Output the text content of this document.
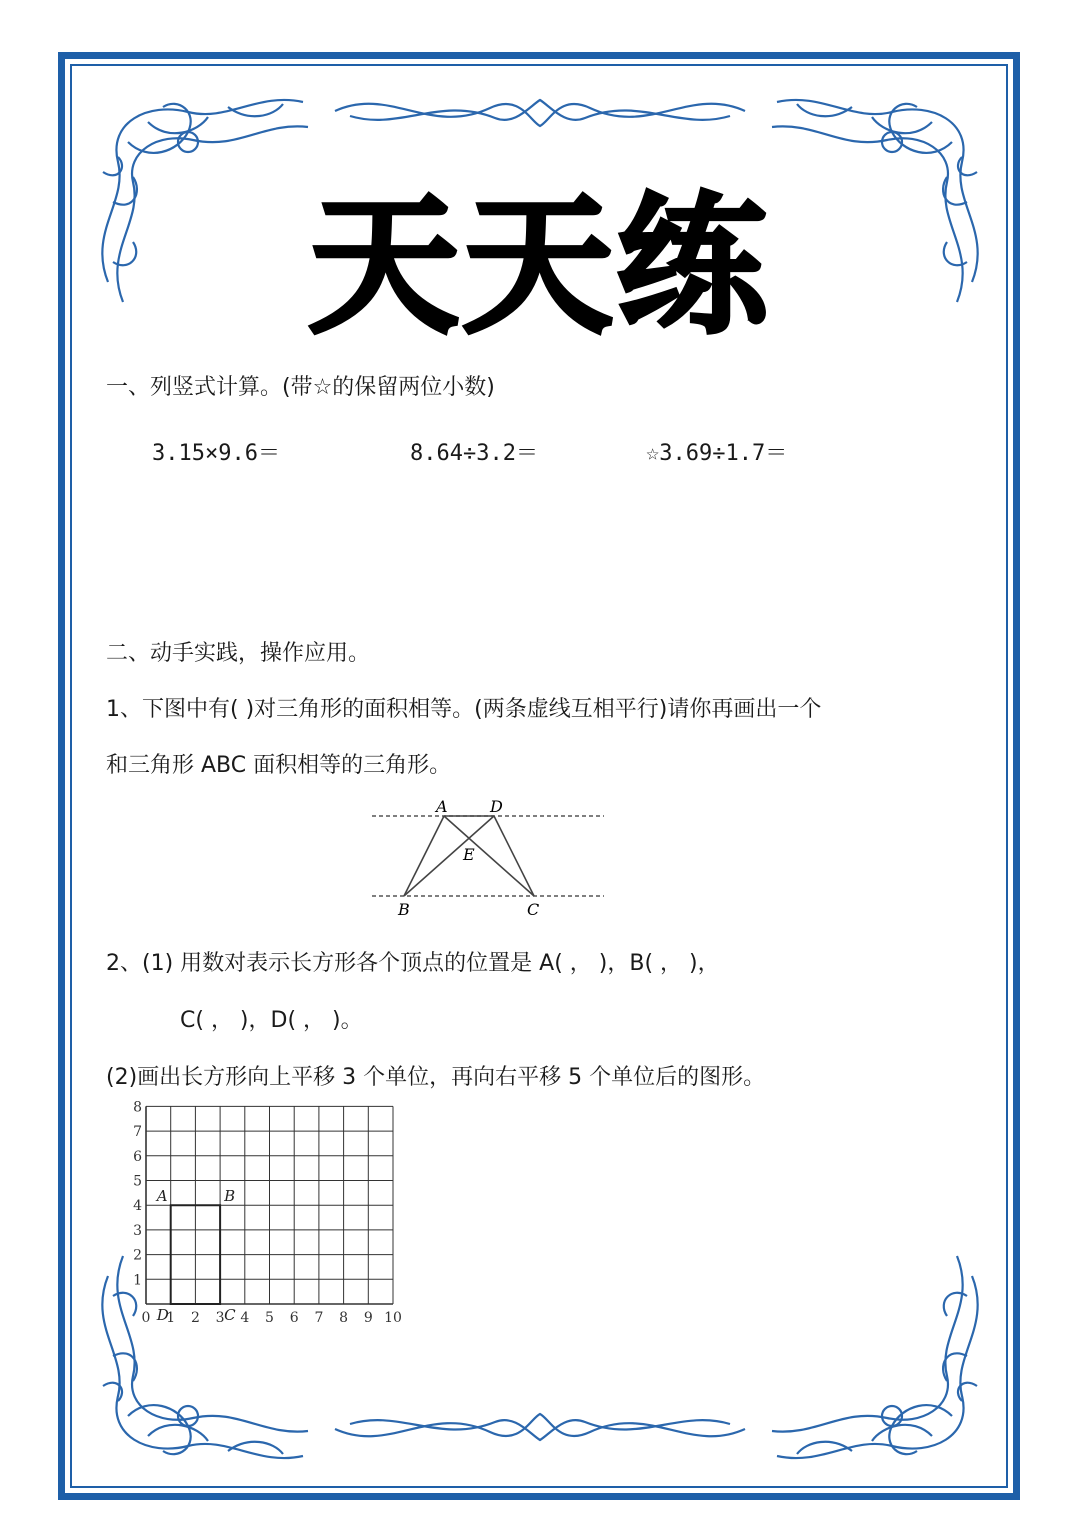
天天练
一、列竖式计算。(带☆的保留两位小数)
3.15×9.6＝	8.64÷3.2＝	☆3.69÷1.7＝
二、动手实践，操作应用。
1、下图中有( )对三角形的面积相等。(两条虚线互相平行)请你再画出一个
和三角形 ABC 面积相等的三角形。
A	D
E
B	C
2、(1) 用数对表示长方形各个顶点的位置是 A( ， )，B( ， )，
C( ， )，D( ， )。
(2)画出长方形向上平移 3 个单位，再向右平移 5 个单位后的图形。
0 1 2 3 4 5 6 7 8 9 10
1
2
3
4
5
6
7
8
A	B
C
D
